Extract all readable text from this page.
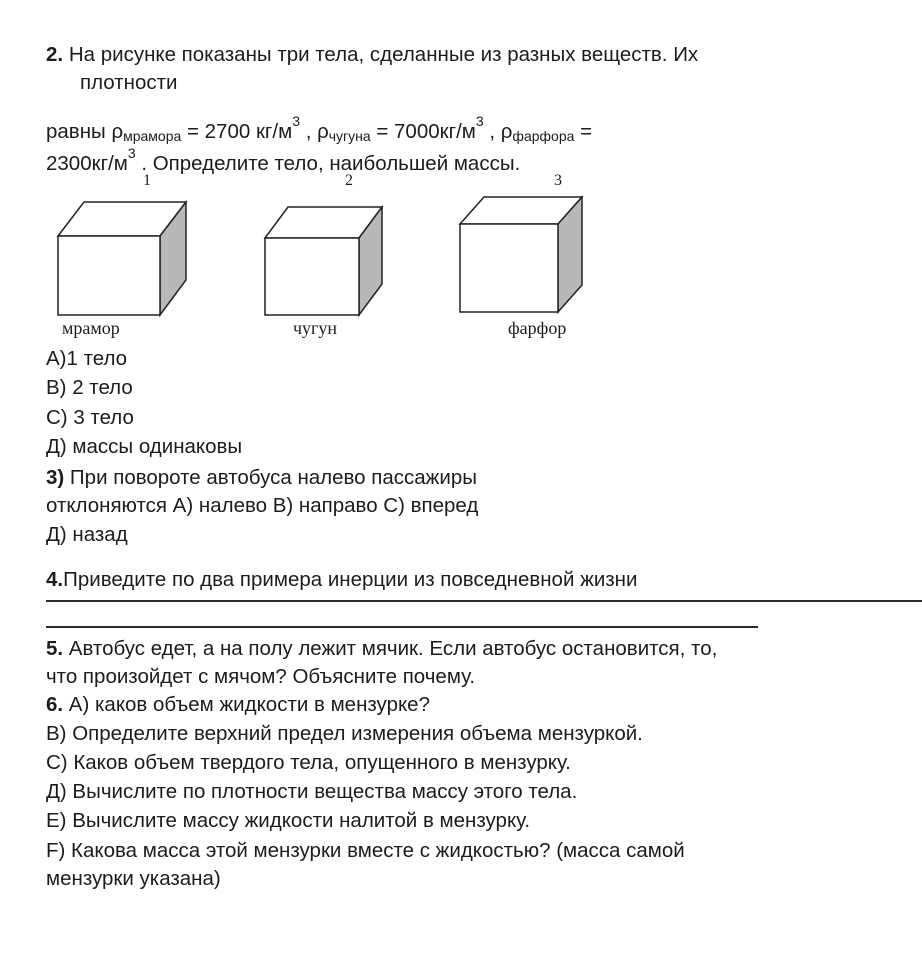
2. На рисунке показаны три тела, сделанные из разных веществ. Их
плотности
равны $\rho_{мрамора} = 2700$ $кг/м^3$ , $\rho_{чугуна} = 7000кг/м^3$ , $\rho_{фарфора}$ =
$2300кг/м^3$ . Определите тело, наибольшей массы.
1	2	3
мрамор	чугун	фарфор
А)1 тело
В) 2 тело
С) 3 тело
Д) массы одинаковы
3) При повороте автобуса налево пассажиры
отклоняются А) налево В) направо С) вперед
Д) назад
4.Приведите по два примера инерции из повседневной жизни
5. Автобус едет, а на полу лежит мячик. Если автобус остановится, то,
что произойдет с мячом? Объясните почему.
6. А) каков объем жидкости в мензурке?
В) Определите верхний предел измерения объема мензуркой.
С) Каков объем твердого тела, опущенного в мензурку.
Д) Вычислите по плотности вещества массу этого тела.
Е) Вычислите массу жидкости налитой в мензурку.
F) Какова масса этой мензурки вместе с жидкостью? (масса самой
мензурки указана)
